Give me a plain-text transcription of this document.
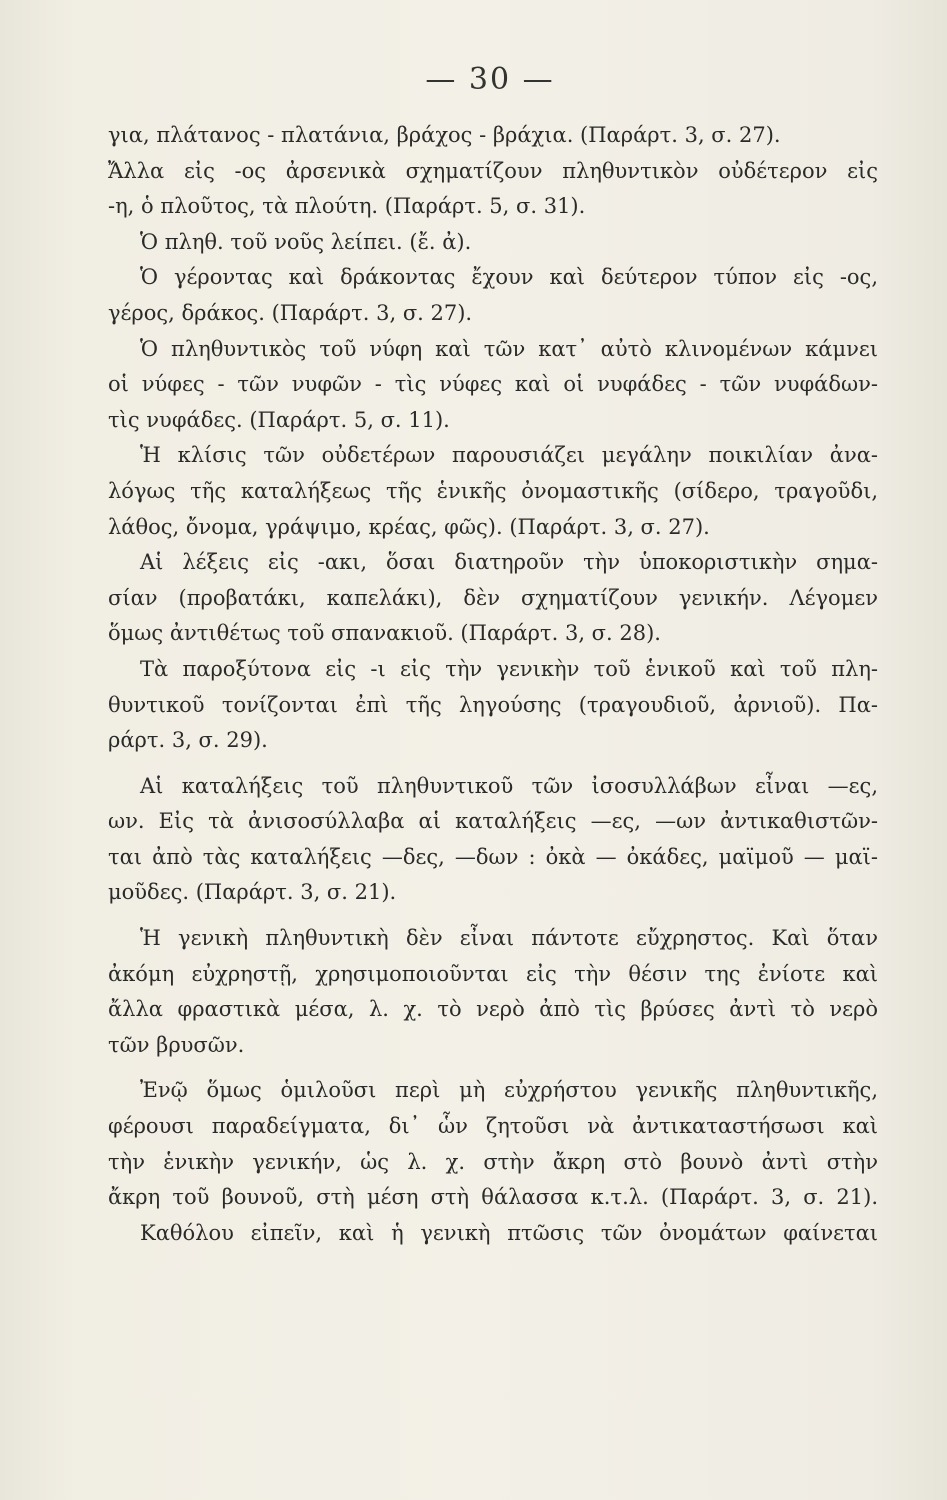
— 30 —
για, πλάτανος - πλατάνια, βράχος - βράχια. (Παράρτ. 3, σ. 27).
Ἄλλα εἰς -ος ἀρσενικὰ σχηματίζουν πληθυντικὸν οὐδέτερον εἰς
-η, ὁ πλοῦτος, τὰ πλούτη. (Παράρτ. 5, σ. 31).
Ὁ πληθ. τοῦ νοῦς λείπει. (ἔ. ἀ).
Ὁ γέροντας καὶ δράκοντας ἔχουν καὶ δεύτερον τύπον εἰς -ος,
γέρος, δράκος. (Παράρτ. 3, σ. 27).
Ὁ πληθυντικὸς τοῦ νύφη καὶ τῶν κατ᾽ αὐτὸ κλινομένων κάμνει
οἱ νύφες - τῶν νυφῶν - τὶς νύφες καὶ οἱ νυφάδες - τῶν νυφάδων-
τὶς νυφάδες. (Παράρτ. 5, σ. 11).
Ἡ κλίσις τῶν οὐδετέρων παρουσιάζει μεγάλην ποικιλίαν ἀνα-
λόγως τῆς καταλήξεως τῆς ἑνικῆς ὀνομαστικῆς (σίδερο, τραγοῦδι,
λάθος, ὄνομα, γράψιμο, κρέας, φῶς). (Παράρτ. 3, σ. 27).
Αἱ λέξεις εἰς -ακι, ὅσαι διατηροῦν τὴν ὑποκοριστικὴν σημα-
σίαν (προβατάκι, καπελάκι), δὲν σχηματίζουν γενικήν. Λέγομεν
ὅμως ἀντιθέτως τοῦ σπανακιοῦ. (Παράρτ. 3, σ. 28).
Τὰ παροξύτονα εἰς -ι εἰς τὴν γενικὴν τοῦ ἑνικοῦ καὶ τοῦ πλη-
θυντικοῦ τονίζονται ἐπὶ τῆς ληγούσης (τραγουδιοῦ, ἀρνιοῦ). Πα-
ράρτ. 3, σ. 29).
Αἱ καταλήξεις τοῦ πληθυντικοῦ τῶν ἰσοσυλλάβων εἶναι —ες,
ων. Εἰς τὰ ἀνισοσύλλαβα αἱ καταλήξεις —ες, —ων ἀντικαθιστῶν-
ται ἀπὸ τὰς καταλήξεις —δες, —δων : ὀκὰ — ὀκάδες, μαϊμοῦ — μαϊ-
μοῦδες. (Παράρτ. 3, σ. 21).
Ἡ γενικὴ πληθυντικὴ δὲν εἶναι πάντοτε εὔχρηστος. Καὶ ὅταν
ἀκόμη εὐχρηστῇ, χρησιμοποιοῦνται εἰς τὴν θέσιν της ἐνίοτε καὶ
ἄλλα φραστικὰ μέσα, λ. χ. τὸ νερὸ ἀπὸ τὶς βρύσες ἀντὶ τὸ νερὸ
τῶν βρυσῶν.
Ἐνῷ ὅμως ὁμιλοῦσι περὶ μὴ εὐχρήστου γενικῆς πληθυντικῆς,
φέρουσι παραδείγματα, δι᾽ ὧν ζητοῦσι νὰ ἀντικαταστήσωσι καὶ
τὴν ἑνικὴν γενικήν, ὡς λ. χ. στὴν ἄκρη στὸ βουνὸ ἀντὶ στὴν
ἄκρη τοῦ βουνοῦ, στὴ μέση στὴ θάλασσα κ.τ.λ. (Παράρτ. 3, σ. 21).
Καθόλου εἰπεῖν, καὶ ἡ γενικὴ πτῶσις τῶν ὀνομάτων φαίνεται
